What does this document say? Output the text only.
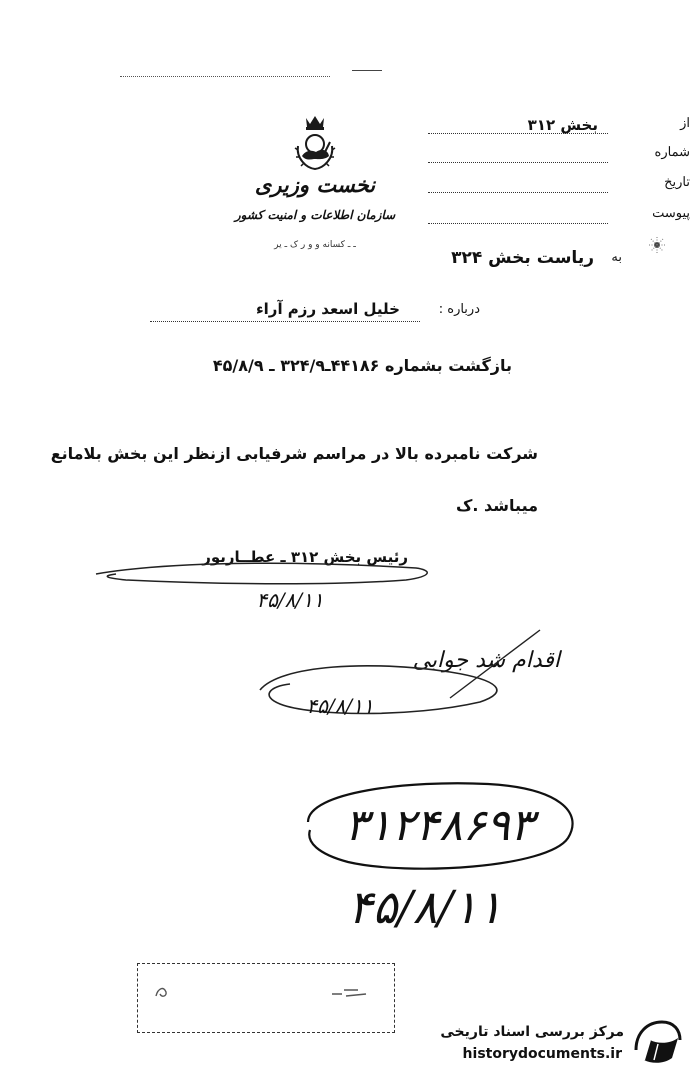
نخست وزیری
سازمان اطلاعات و امنیت کشور
ـ ـ کسانه و و ر ک ـ یر
از
بخش ۳۱۲
شماره
تاریخ
پیوست
به
ریاست بخش ۳۲۴
درباره :
خلیل اسعد رزم آراء
بازگشت بشماره ۴۴۱۸۶ـ۳۲۴/۹ ـ ۴۵/۸/۹
شرکت نامبرده بالا در مراسم شرفیابی ازنظر این بخش بلامانع
میباشد .ک
رئیس بخش ۳۱۲ ـ عطــاریور
۴۵/۸/۱۱
اقدام شد جوابی
۴۵/۸/۱۱
۳۱۲۴۸۶۹۳
۴۵/۸/۱۱
مرکز بررسی اسناد تاریخی
historydocuments.ir
